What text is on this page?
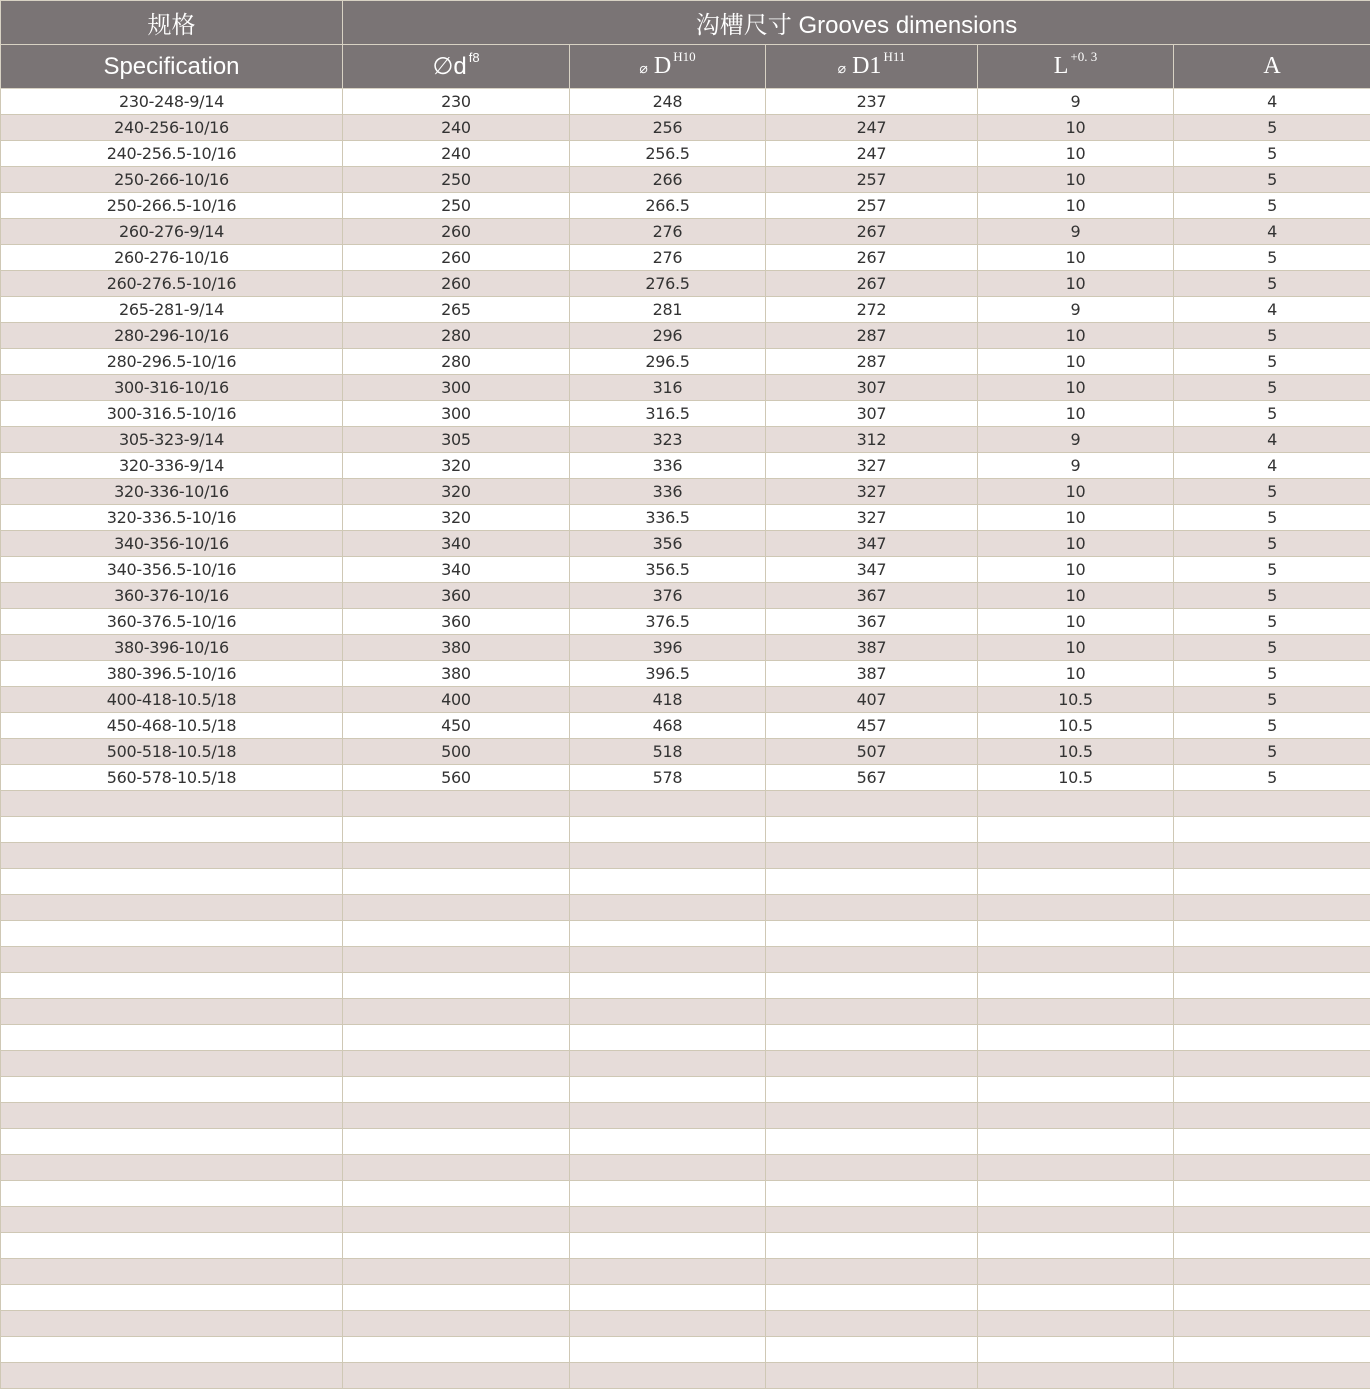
规格	沟槽尺寸 Grooves dimensions				
Specification	∅d $^{f8}$	⌀ D $^{H10}$	⌀ D1 $^{H11}$	L $^{+0. 3}$	A
230-248-9/14	230	248	237	9	4
240-256-10/16	240	256	247	10	5
240-256.5-10/16	240	256.5	247	10	5
250-266-10/16	250	266	257	10	5
250-266.5-10/16	250	266.5	257	10	5
260-276-9/14	260	276	267	9	4
260-276-10/16	260	276	267	10	5
260-276.5-10/16	260	276.5	267	10	5
265-281-9/14	265	281	272	9	4
280-296-10/16	280	296	287	10	5
280-296.5-10/16	280	296.5	287	10	5
300-316-10/16	300	316	307	10	5
300-316.5-10/16	300	316.5	307	10	5
305-323-9/14	305	323	312	9	4
320-336-9/14	320	336	327	9	4
320-336-10/16	320	336	327	10	5
320-336.5-10/16	320	336.5	327	10	5
340-356-10/16	340	356	347	10	5
340-356.5-10/16	340	356.5	347	10	5
360-376-10/16	360	376	367	10	5
360-376.5-10/16	360	376.5	367	10	5
380-396-10/16	380	396	387	10	5
380-396.5-10/16	380	396.5	387	10	5
400-418-10.5/18	400	418	407	10.5	5
450-468-10.5/18	450	468	457	10.5	5
500-518-10.5/18	500	518	507	10.5	5
560-578-10.5/18	560	578	567	10.5	5
